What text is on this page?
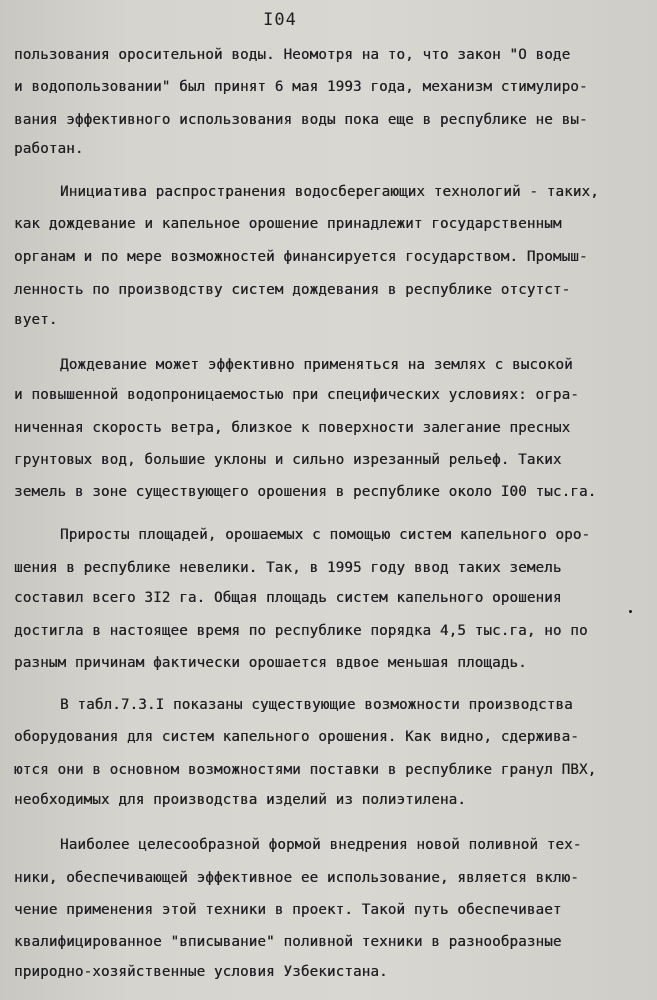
I04
пользования оросительной воды. Неомотря на то, что закон "О воде
и водопользовании" был принят 6 мая 1993 года, механизм стимулиро-
вания эффективного использования воды пока еще в республике не вы-
работан.
Инициатива распространения водосберегающих технологий - таких,
как дождевание и капельное орошение принадлежит государственным
органам и по мере возможностей финансируется государством. Промыш-
ленность по производству систем дождевания в республике отсутст-
вует.
Дождевание может эффективно применяться на землях с высокой
и повышенной водопроницаемостью при специфических условиях: огра-
ниченная скорость ветра, близкое к поверхности залегание пресных
грунтовых вод, большие уклоны и сильно изрезанный рельеф. Таких
земель в зоне существующего орошения в республике около I00 тыс.га.
Приросты площадей, орошаемых с помощью систем капельного оро-
шения в республике невелики. Так, в 1995 году ввод таких земель
составил всего 3I2 га. Общая площадь систем капельного орошения
достигла в настоящее время по республике порядка 4,5 тыс.га, но по
разным причинам фактически орошается вдвое меньшая площадь.
В табл.7.3.I показаны существующие возможности производства
оборудования для систем капельного орошения. Как видно, сдержива-
ются они в основном возможностями поставки в республике гранул ПВХ,
необходимых для производства изделий из полиэтилена.
Наиболее целесообразной формой внедрения новой поливной тех-
ники, обеспечивающей эффективное ее использование, является вклю-
чение применения этой техники в проект. Такой путь обеспечивает
квалифицированное "вписывание" поливной техники в разнообразные
природно-хозяйственные условия Узбекистана.
